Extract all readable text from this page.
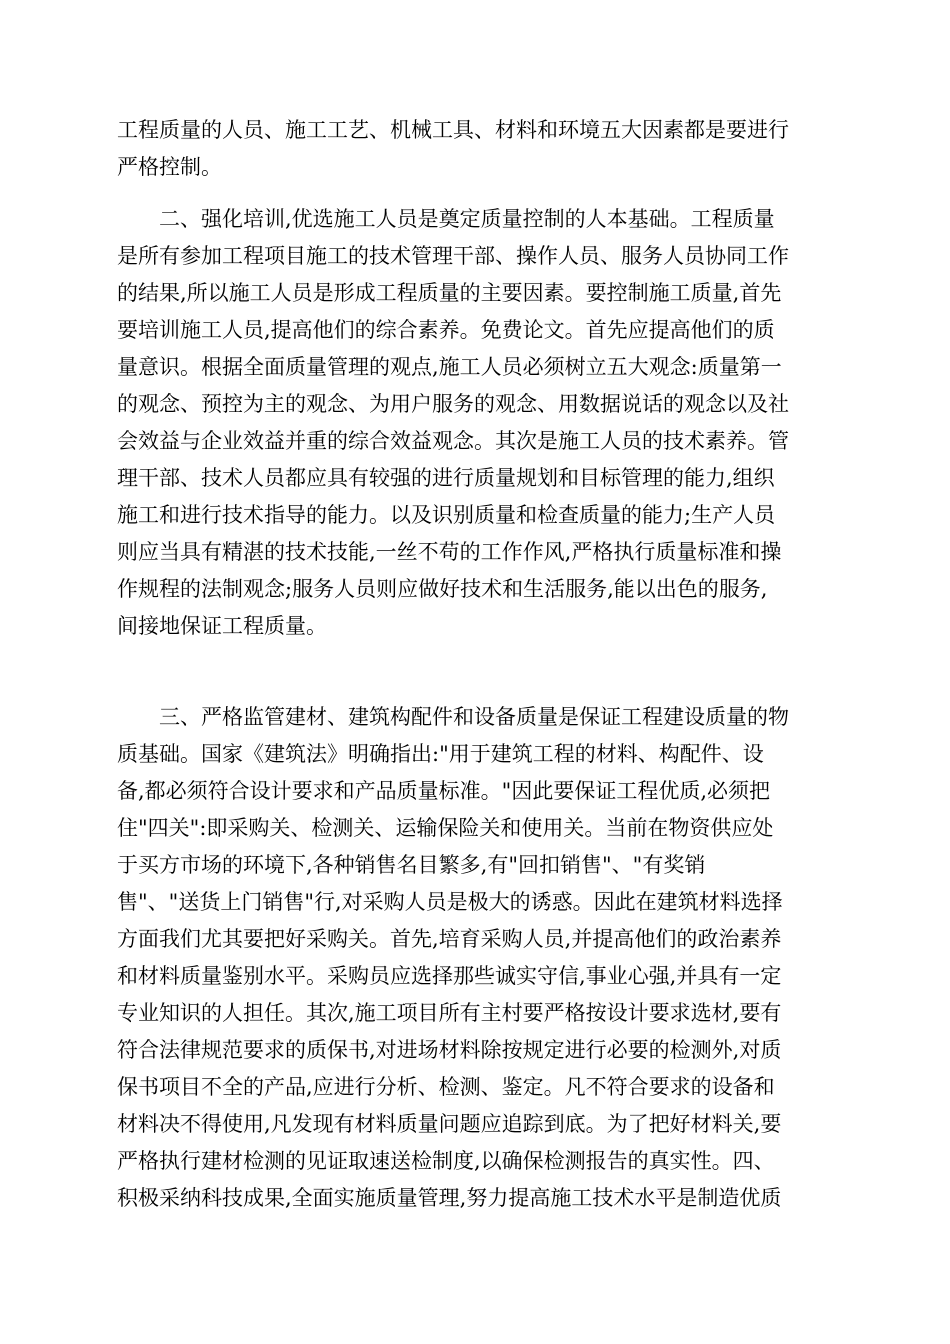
工程质量的人员、施工工艺、机械工具、材料和环境五大因素都是要进行
严格控制。
　　二、强化培训,优选施工人员是奠定质量控制的人本基础。工程质量
是所有参加工程项目施工的技术管理干部、操作人员、服务人员协同工作
的结果,所以施工人员是形成工程质量的主要因素。要控制施工质量,首先
要培训施工人员,提高他们的综合素养。免费论文。首先应提高他们的质
量意识。根据全面质量管理的观点,施工人员必须树立五大观念:质量第一
的观念、预控为主的观念、为用户服务的观念、用数据说话的观念以及社
会效益与企业效益并重的综合效益观念。其次是施工人员的技术素养。管
理干部、技术人员都应具有较强的进行质量规划和目标管理的能力,组织
施工和进行技术指导的能力。以及识别质量和检查质量的能力;生产人员
则应当具有精湛的技术技能,一丝不苟的工作作风,严格执行质量标准和操
作规程的法制观念;服务人员则应做好技术和生活服务,能以出色的服务,
间接地保证工程质量。
　　三、严格监管建材、建筑构配件和设备质量是保证工程建设质量的物
质基础。国家《建筑法》明确指出:"用于建筑工程的材料、构配件、设
备,都必须符合设计要求和产品质量标准。"因此要保证工程优质,必须把
住"四关":即采购关、检测关、运输保险关和使用关。当前在物资供应处
于买方市场的环境下,各种销售名目繁多,有"回扣销售"、"有奖销
售"、"送货上门销售"行,对采购人员是极大的诱惑。因此在建筑材料选择
方面我们尤其要把好采购关。首先,培育采购人员,并提高他们的政治素养
和材料质量鉴别水平。采购员应选择那些诚实守信,事业心强,并具有一定
专业知识的人担任。其次,施工项目所有主村要严格按设计要求选材,要有
符合法律规范要求的质保书,对进场材料除按规定进行必要的检测外,对质
保书项目不全的产品,应进行分析、检测、鉴定。凡不符合要求的设备和
材料决不得使用,凡发现有材料质量问题应追踪到底。为了把好材料关,要
严格执行建材检测的见证取速送检制度,以确保检测报告的真实性。四、
积极采纳科技成果,全面实施质量管理,努力提高施工技术水平是制造优质
